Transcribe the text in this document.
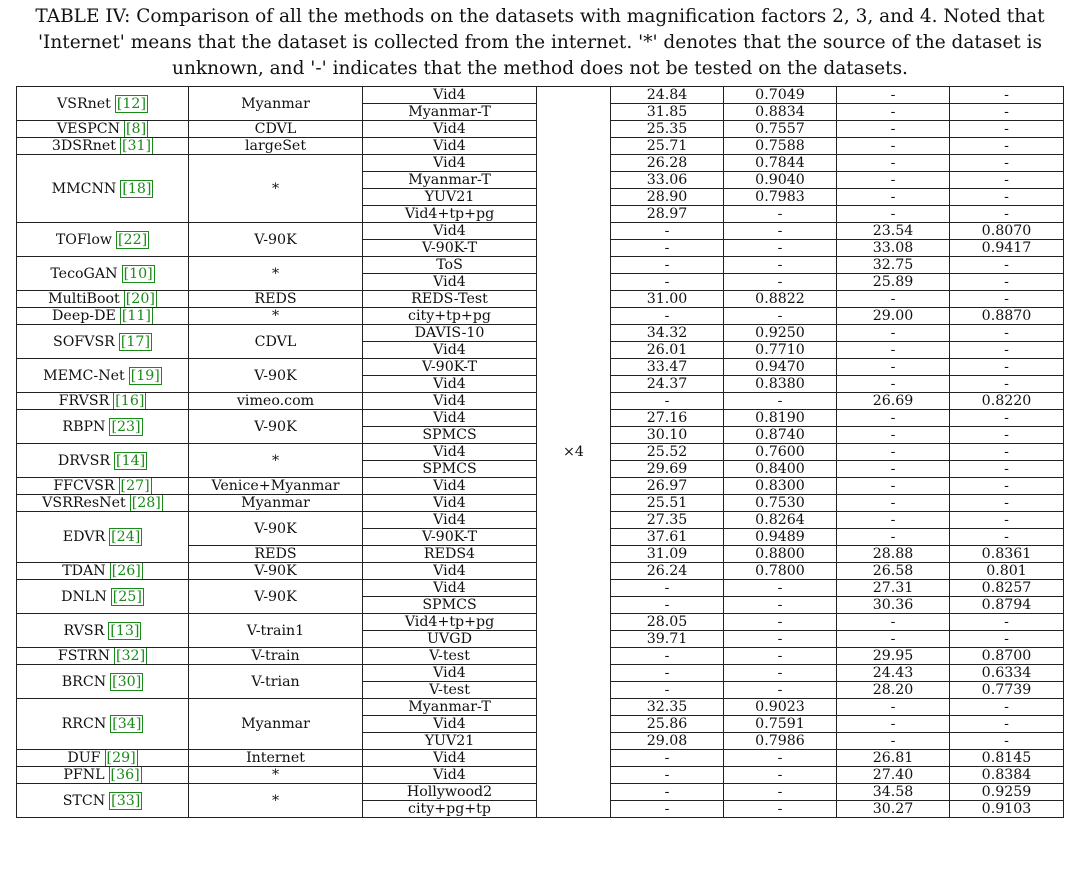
TABLE IV: Comparison of all the methods on the datasets with magnification factors 2, 3, and 4. Noted that 'Internet' means that the dataset is collected from the internet. '*' denotes that the source of the dataset is unknown, and '-' indicates that the method does not be tested on the datasets.

VSRnet [12]	Myanmar	Vid4	×4	24.84	0.7049	-	-
		Myanmar-T		31.85	0.8834	-	-
VESPCN [8]	CDVL	Vid4		25.35	0.7557	-	-
3DSRnet [31]	largeSet	Vid4		25.71	0.7588	-	-
MMCNN [18]	*	Vid4		26.28	0.7844	-	-
		Myanmar-T		33.06	0.9040	-	-
		YUV21		28.90	0.7983	-	-
		Vid4+tp+pg		28.97	-	-	-
TOFlow [22]	V-90K	Vid4		-	-	23.54	0.8070
		V-90K-T		-	-	33.08	0.9417
TecoGAN [10]	*	ToS		-	-	32.75	-
		Vid4		-	-	25.89	-
MultiBoot [20]	REDS	REDS-Test		31.00	0.8822	-	-
Deep-DE [11]	*	city+tp+pg		-	-	29.00	0.8870
SOFVSR [17]	CDVL	DAVIS-10		34.32	0.9250	-	-
		Vid4		26.01	0.7710	-	-
MEMC-Net [19]	V-90K	V-90K-T		33.47	0.9470	-	-
		Vid4		24.37	0.8380	-	-
FRVSR [16]	vimeo.com	Vid4		-	-	26.69	0.8220
RBPN [23]	V-90K	Vid4		27.16	0.8190	-	-
		SPMCS		30.10	0.8740	-	-
DRVSR [14]	*	Vid4		25.52	0.7600	-	-
		SPMCS		29.69	0.8400	-	-
FFCVSR [27]	Venice+Myanmar	Vid4		26.97	0.8300	-	-
VSRResNet [28]	Myanmar	Vid4		25.51	0.7530	-	-
EDVR [24]	V-90K	Vid4		27.35	0.8264	-	-
		V-90K-T		37.61	0.9489	-	-
	REDS	REDS4		31.09	0.8800	28.88	0.8361
TDAN [26]	V-90K	Vid4		26.24	0.7800	26.58	0.801
DNLN [25]	V-90K	Vid4		-	-	27.31	0.8257
		SPMCS		-	-	30.36	0.8794
RVSR [13]	V-train1	Vid4+tp+pg		28.05	-	-	-
		UVGD		39.71	-	-	-
FSTRN [32]	V-train	V-test		-	-	29.95	0.8700
BRCN [30]	V-trian	Vid4		-	-	24.43	0.6334
		V-test		-	-	28.20	0.7739
RRCN [34]	Myanmar	Myanmar-T		32.35	0.9023	-	-
		Vid4		25.86	0.7591	-	-
		YUV21		29.08	0.7986	-	-
DUF [29]	Internet	Vid4		-	-	26.81	0.8145
PFNL [36]	*	Vid4		-	-	27.40	0.8384
STCN [33]	*	Hollywood2		-	-	34.58	0.9259
		city+pg+tp		-	-	30.27	0.9103
